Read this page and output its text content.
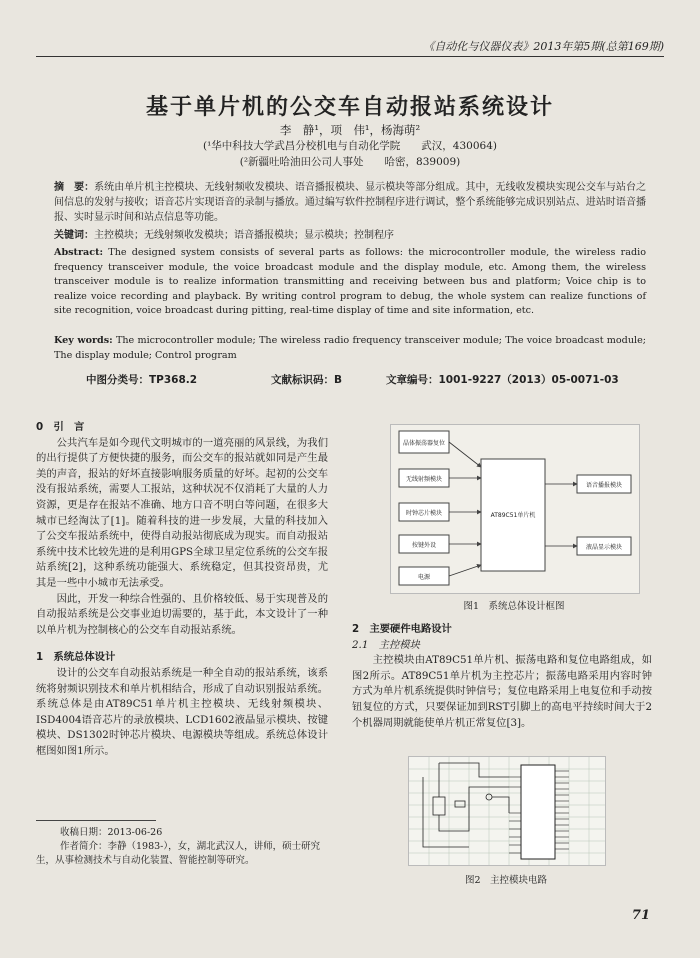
《自动化与仪器仪表》2013年第5期(总第169期)
基于单片机的公交车自动报站系统设计
李　静¹，项　伟¹，杨海萌²
(¹华中科技大学武昌分校机电与自动化学院　　武汉，430064)
(²新疆吐哈油田公司人事处　　哈密，839009)
摘　要：系统由单片机主控模块、无线射频收发模块、语音播报模块、显示模块等部分组成。其中，无线收发模块实现公交车与站台之间信息的发射与接收；语音芯片实现语音的录制与播放。通过编写软件控制程序进行调试，整个系统能够完成识别站点、进站时语音播报、实时显示时间和站点信息等功能。
关键词：主控模块；无线射频收发模块；语音播报模块；显示模块；控制程序
Abstract: The designed system consists of several parts as follows: the microcontroller module, the wireless radio frequency transceiver module, the voice broadcast module and the display module, etc. Among them, the wireless transceiver module is to realize information transmitting and receiving between bus and platform; Voice chip is to realize voice recording and playback. By writing control program to debug, the whole system can realize functions of site recognition, voice broadcast during pitting, real-time display of time and site information, etc.
Key words: The microcontroller module; The wireless radio frequency transceiver module; The voice broadcast module; The display module; Control program
中图分类号：TP368.2	文献标识码：B	文章编号：1001-9227（2013）05-0071-03

0　引　言

公共汽车是如今现代文明城市的一道亮丽的风景线，为我们的出行提供了方便快捷的服务，而公交车的报站就如同是产生最美的声音，报站的好坏直接影响服务质量的好坏。起初的公交车没有报站系统，需要人工报站，这种状况不仅消耗了大量的人力资源，更是存在报站不准确、地方口音不明白等问题，在很多大城市已经淘汰了[1]。随着科技的进一步发展，大量的科技加入了公交车报站系统中，使得自动报站彻底成为现实。而自动报站系统中技术比较先进的是利用GPS全球卫星定位系统的公交车报站系统[2]，这种系统功能强大、系统稳定，但其投资昂贵，尤其是一些中小城市无法承受。

因此，开发一种综合性强的、且价格较低、易于实现普及的自动报站系统是公交事业迫切需要的，基于此，本文设计了一种以单片机为控制核心的公交车自动报站系统。

1　系统总体设计

设计的公交车自动报站系统是一种全自动的报站系统，该系统将射频识别技术和单片机相结合，形成了自动识别报站系统。系统总体是由AT89C51单片机主控模块、无线射频模块、ISD4004语音芯片的录放模块、LCD1602液晶显示模块、按键模块、DS1302时钟芯片模块、电源模块等组成。系统总体设计框图如图1所示。

晶体振荡器复位
无线射频模块
时钟芯片模块
按键外设
电源
AT89C51单片机
语音播报模块
液晶显示模块
图1　系统总体设计框图

2　主要硬件电路设计

2.1　主控模块

主控模块由AT89C51单片机、振荡电路和复位电路组成，如图2所示。AT89C51单片机为主控芯片；振荡电路采用内容时钟方式为单片机系统提供时钟信号；复位电路采用上电复位和手动按钮复位的方式，只要保证加到RST引脚上的高电平持续时间大于2个机器周期就能使单片机正常复位[3]。

图2　主控模块电路
收稿日期：2013-06-26
作者简介：李静（1983-），女，湖北武汉人，讲师，硕士研究生，从事检测技术与自动化装置、智能控制等研究。
71
